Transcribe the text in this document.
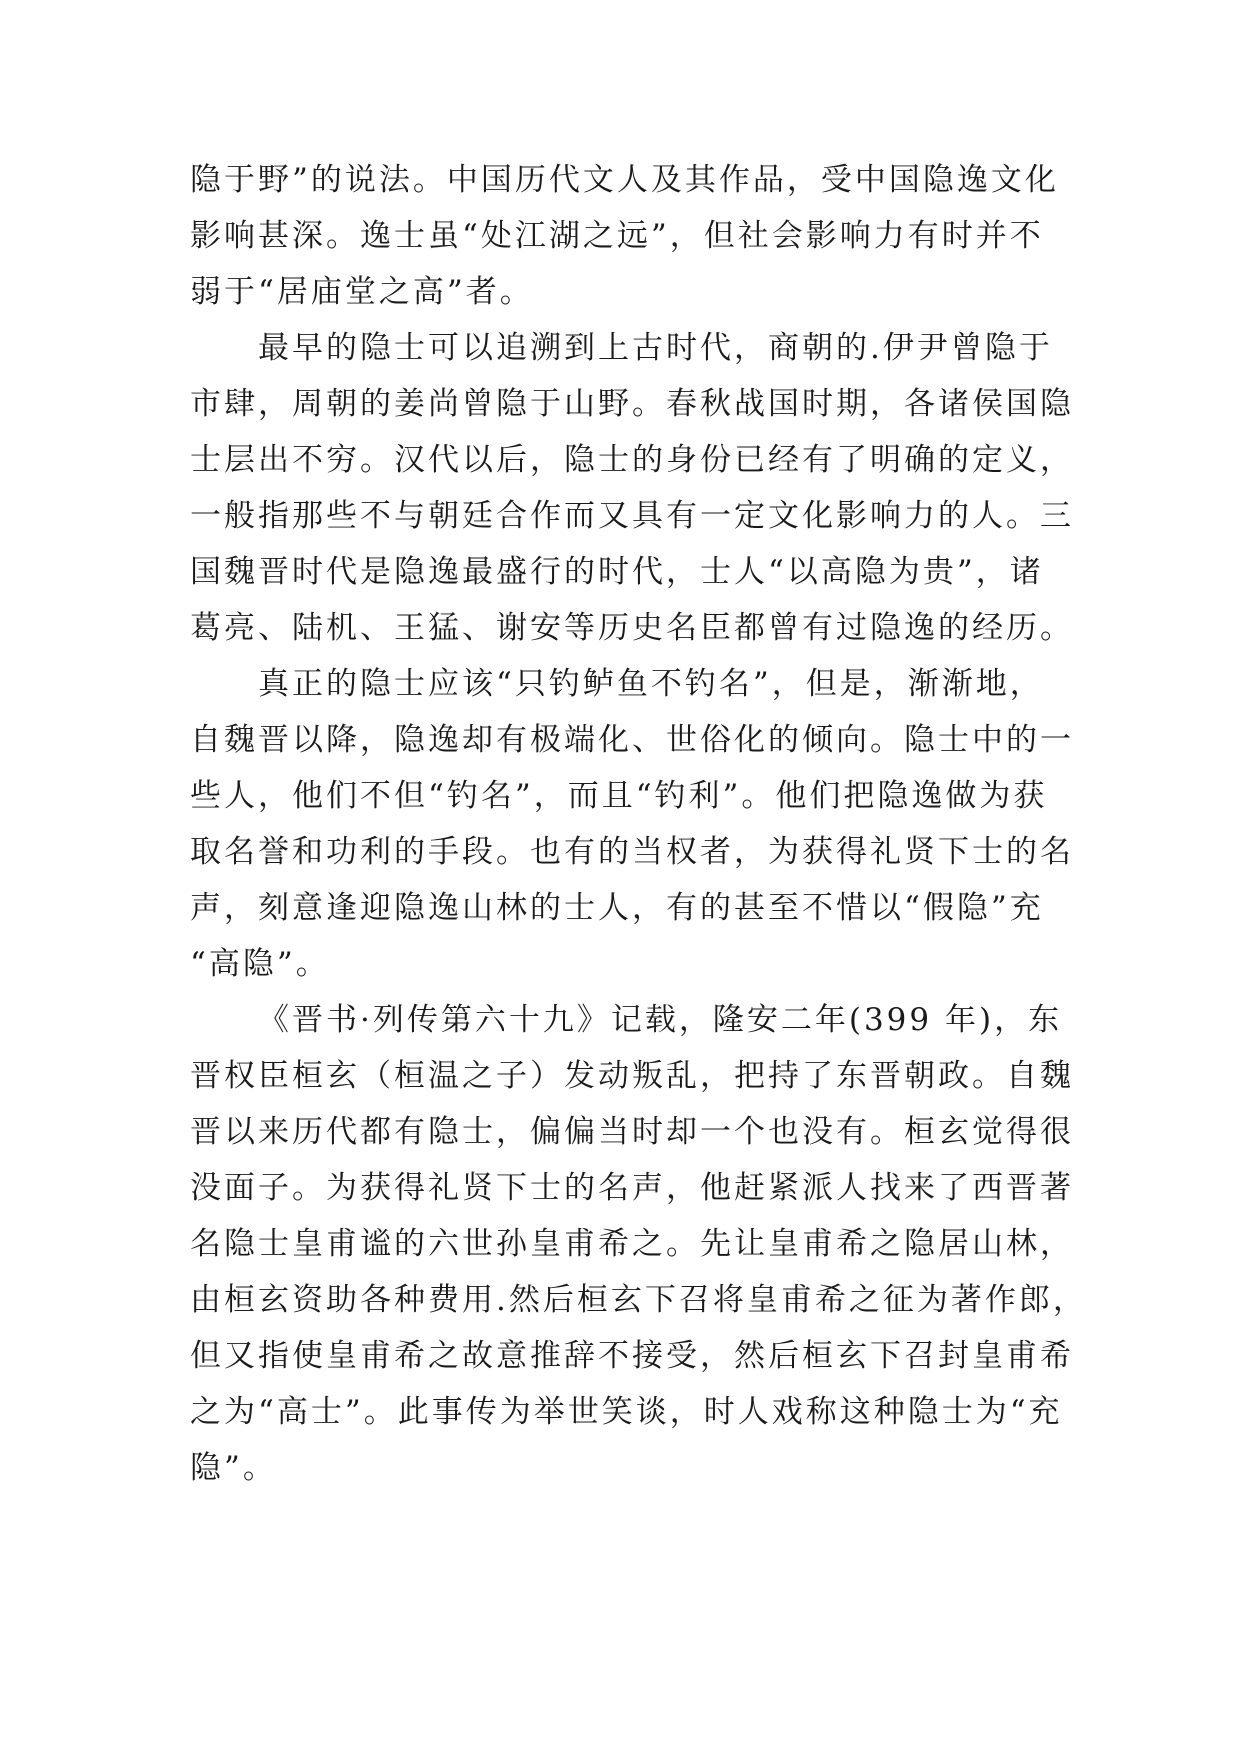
隐于野”的说法。中国历代文人及其作品，受中国隐逸文化
影响甚深。逸士虽“处江湖之远”，但社会影响力有时并不
弱于“居庙堂之高”者。
最早的隐士可以追溯到上古时代，商朝的.伊尹曾隐于
市肆，周朝的姜尚曾隐于山野。春秋战国时期，各诸侯国隐
士层出不穷。汉代以后，隐士的身份已经有了明确的定义，
一般指那些不与朝廷合作而又具有一定文化影响力的人。三
国魏晋时代是隐逸最盛行的时代，士人“以高隐为贵”，诸
葛亮、陆机、王猛、谢安等历史名臣都曾有过隐逸的经历。
真正的隐士应该“只钓鲈鱼不钓名”，但是，渐渐地，
自魏晋以降，隐逸却有极端化、世俗化的倾向。隐士中的一
些人，他们不但“钓名”，而且“钓利”。他们把隐逸做为获
取名誉和功利的手段。也有的当权者，为获得礼贤下士的名
声，刻意逢迎隐逸山林的士人，有的甚至不惜以“假隐”充
“高隐”。
《晋书·列传第六十九》记载，隆安二年(399 年)，东
晋权臣桓玄（桓温之子）发动叛乱，把持了东晋朝政。自魏
晋以来历代都有隐士，偏偏当时却一个也没有。桓玄觉得很
没面子。为获得礼贤下士的名声，他赶紧派人找来了西晋著
名隐士皇甫谧的六世孙皇甫希之。先让皇甫希之隐居山林，
由桓玄资助各种费用.然后桓玄下召将皇甫希之征为著作郎，
但又指使皇甫希之故意推辞不接受，然后桓玄下召封皇甫希
之为“高士”。此事传为举世笑谈，时人戏称这种隐士为“充
隐”。
